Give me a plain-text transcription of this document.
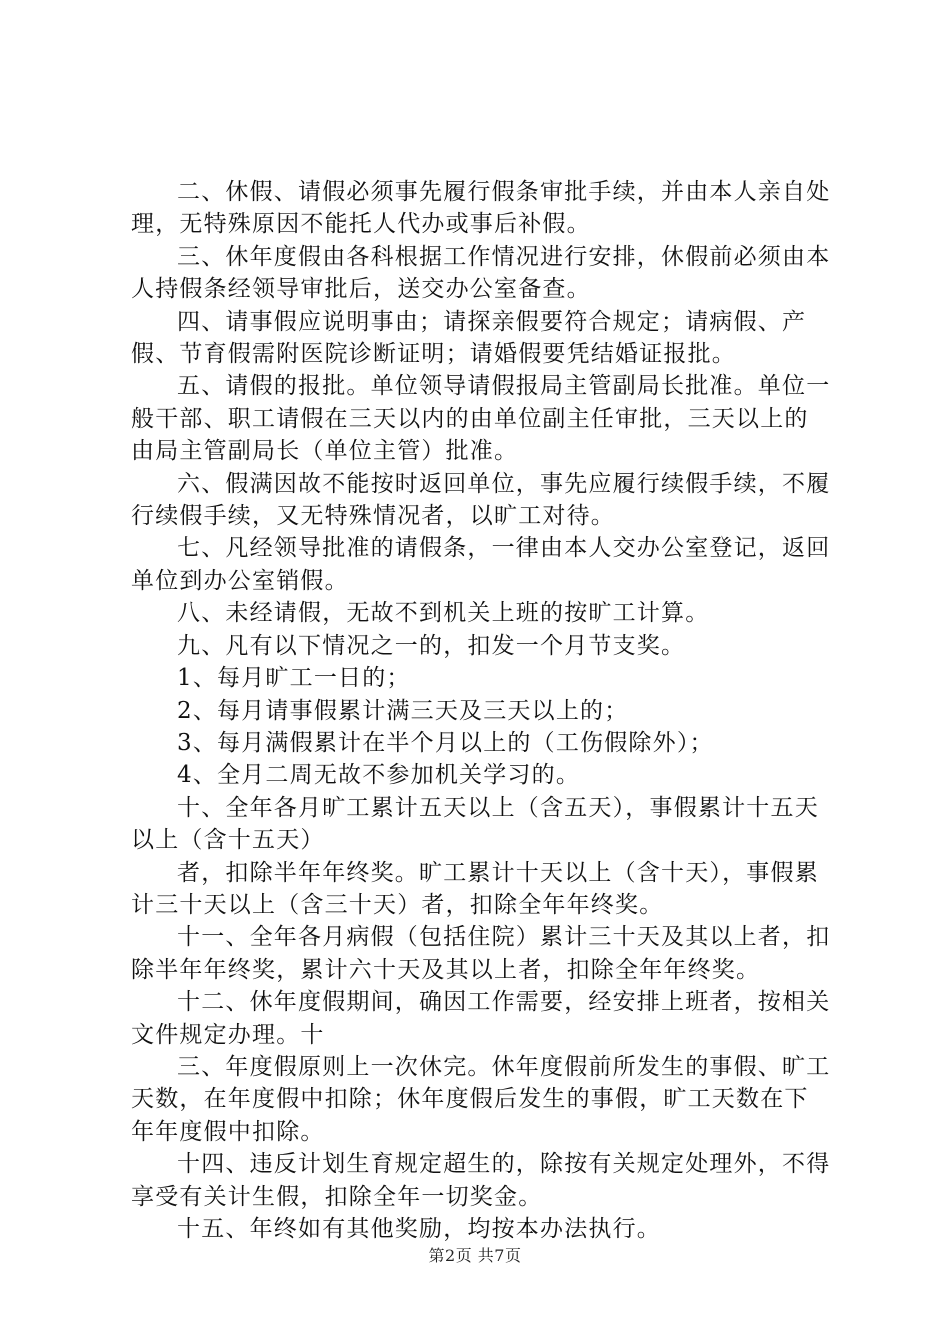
二、休假、请假必须事先履行假条审批手续，并由本人亲自处理，无特殊原因不能托人代办或事后补假。

三、休年度假由各科根据工作情况进行安排，休假前必须由本人持假条经领导审批后，送交办公室备查。

四、请事假应说明事由；请探亲假要符合规定；请病假、产假、节育假需附医院诊断证明；请婚假要凭结婚证报批。

五、请假的报批。单位领导请假报局主管副局长批准。单位一般干部、职工请假在三天以内的由单位副主任审批，三天以上的由局主管副局长（单位主管）批准。

六、假满因故不能按时返回单位，事先应履行续假手续，不履行续假手续，又无特殊情况者，以旷工对待。

七、凡经领导批准的请假条，一律由本人交办公室登记，返回单位到办公室销假。

八、未经请假，无故不到机关上班的按旷工计算。

九、凡有以下情况之一的，扣发一个月节支奖。

1、每月旷工一日的；

2、每月请事假累计满三天及三天以上的；

3、每月满假累计在半个月以上的（工伤假除外）；

4、全月二周无故不参加机关学习的。

十、全年各月旷工累计五天以上（含五天），事假累计十五天以上（含十五天）

者，扣除半年年终奖。旷工累计十天以上（含十天），事假累计三十天以上（含三十天）者，扣除全年年终奖。

十一、全年各月病假（包括住院）累计三十天及其以上者，扣除半年年终奖，累计六十天及其以上者，扣除全年年终奖。

十二、休年度假期间，确因工作需要，经安排上班者，按相关文件规定办理。十

三、年度假原则上一次休完。休年度假前所发生的事假、旷工天数，在年度假中扣除；休年度假后发生的事假，旷工天数在下年年度假中扣除。

十四、违反计划生育规定超生的，除按有关规定处理外，不得享受有关计生假，扣除全年一切奖金。

十五、年终如有其他奖励，均按本办法执行。

第2页 共7页
